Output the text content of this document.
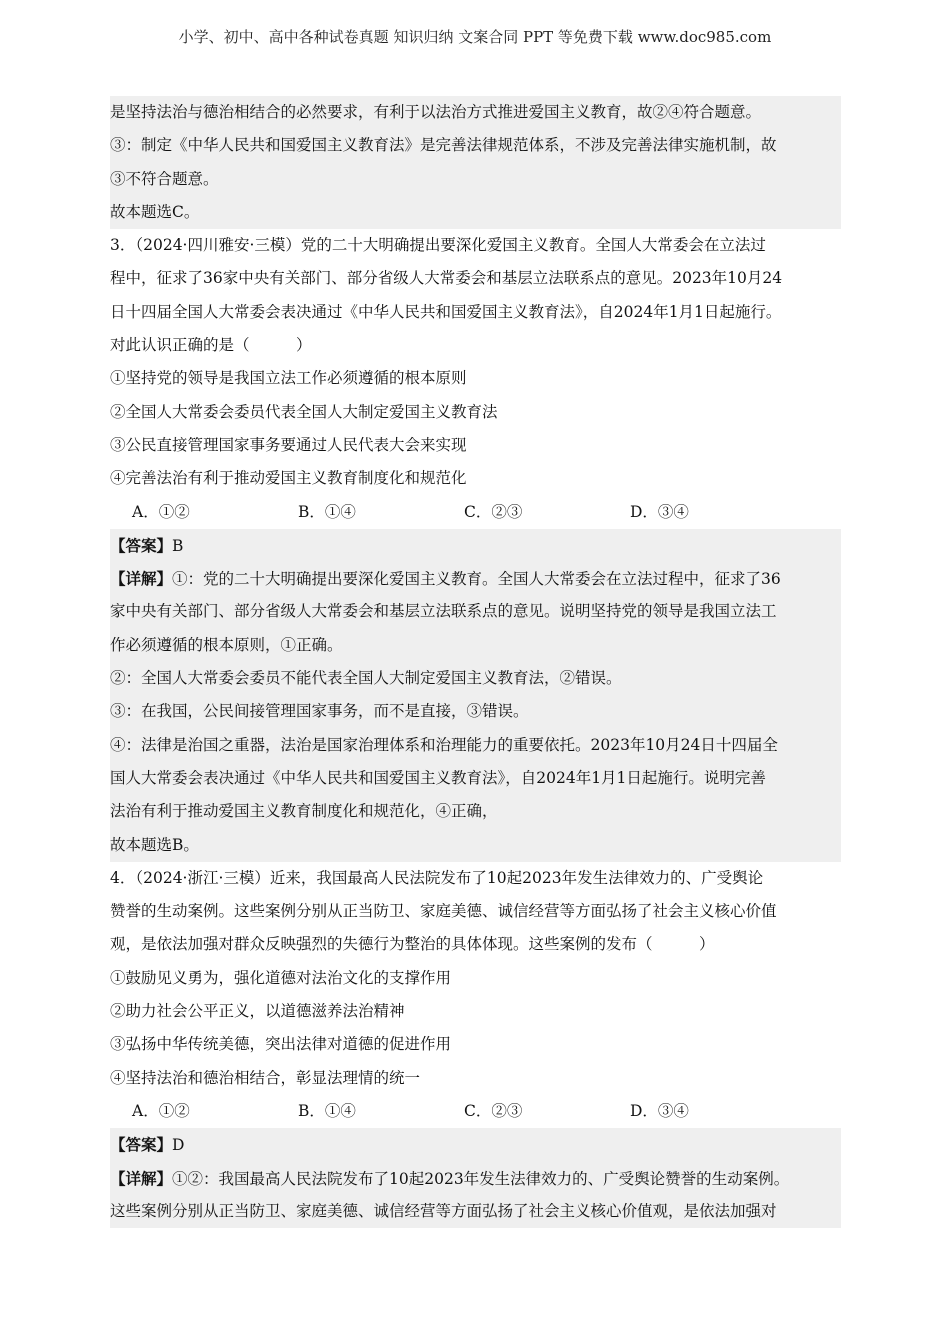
小学、初中、高中各种试卷真题 知识归纳 文案合同 PPT 等免费下载 www.doc985.com
是坚持法治与德治相结合的必然要求，有利于以法治方式推进爱国主义教育，故②④符合题意。
③：制定《中华人民共和国爱国主义教育法》是完善法律规范体系，不涉及完善法律实施机制，故
③不符合题意。
故本题选C。
3．（2024·四川雅安·三模）党的二十大明确提出要深化爱国主义教育。全国人大常委会在立法过
程中，征求了36家中央有关部门、部分省级人大常委会和基层立法联系点的意见。2023年10月24
日十四届全国人大常委会表决通过《中华人民共和国爱国主义教育法》，自2024年1月1日起施行。
对此认识正确的是（　　　）
①坚持党的领导是我国立法工作必须遵循的根本原则
②全国人大常委会委员代表全国人大制定爱国主义教育法
③公民直接管理国家事务要通过人民代表大会来实现
④完善法治有利于推动爱国主义教育制度化和规范化
A．①②	B．①④	C．②③	D．③④
【答案】B
【详解】①：党的二十大明确提出要深化爱国主义教育。全国人大常委会在立法过程中，征求了36
家中央有关部门、部分省级人大常委会和基层立法联系点的意见。说明坚持党的领导是我国立法工
作必须遵循的根本原则，①正确。
②：全国人大常委会委员不能代表全国人大制定爱国主义教育法，②错误。
③：在我国，公民间接管理国家事务，而不是直接，③错误。
④：法律是治国之重器，法治是国家治理体系和治理能力的重要依托。2023年10月24日十四届全
国人大常委会表决通过《中华人民共和国爱国主义教育法》，自2024年1月1日起施行。说明完善
法治有利于推动爱国主义教育制度化和规范化，④正确，
故本题选B。
4．（2024·浙江·三模）近来，我国最高人民法院发布了10起2023年发生法律效力的、广受舆论
赞誉的生动案例。这些案例分别从正当防卫、家庭美德、诚信经营等方面弘扬了社会主义核心价值
观，是依法加强对群众反映强烈的失德行为整治的具体体现。这些案例的发布（　　　）
①鼓励见义勇为，强化道德对法治文化的支撑作用
②助力社会公平正义，以道德滋养法治精神
③弘扬中华传统美德，突出法律对道德的促进作用
④坚持法治和德治相结合，彰显法理情的统一
A．①②	B．①④	C．②③	D．③④
【答案】D
【详解】①②：我国最高人民法院发布了10起2023年发生法律效力的、广受舆论赞誉的生动案例。
这些案例分别从正当防卫、家庭美德、诚信经营等方面弘扬了社会主义核心价值观，是依法加强对
